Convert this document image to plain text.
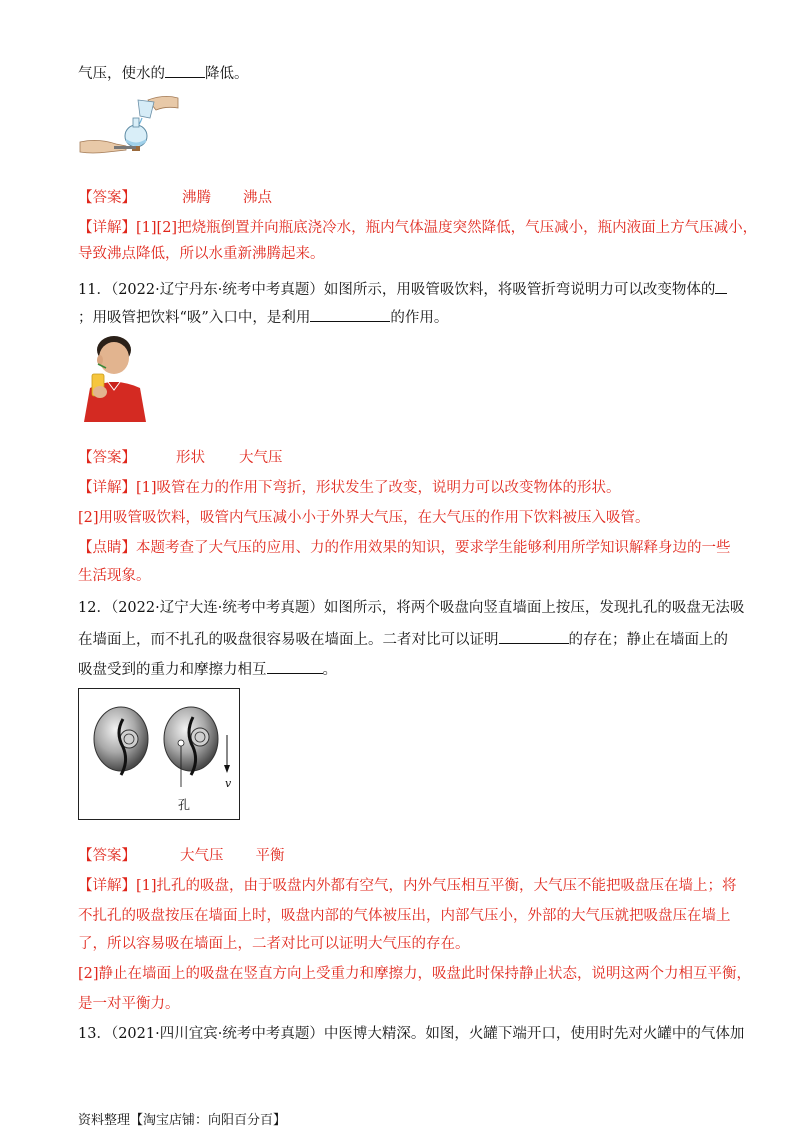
气压，使水的	降低。
【答案】	沸腾 沸点
【详解】[1][2]把烧瓶倒置并向瓶底浇冷水，瓶内气体温度突然降低，气压减小，瓶内液面上方气压减小，
导致沸点降低，所以水重新沸腾起来。
11．（2022·辽宁丹东·统考中考真题）如图所示，用吸管吸饮料，将吸管折弯说明力可以改变物体的
；用吸管把饮料“吸”入口中，是利用	的作用。
【答案】	形状 大气压
【详解】[1]吸管在力的作用下弯折，形状发生了改变，说明力可以改变物体的形状。
[2]用吸管吸饮料，吸管内气压减小小于外界大气压，在大气压的作用下饮料被压入吸管。
【点睛】本题考查了大气压的应用、力的作用效果的知识，要求学生能够利用所学知识解释身边的一些
生活现象。
12．（2022·辽宁大连·统考中考真题）如图所示，将两个吸盘向竖直墙面上按压，发现扎孔的吸盘无法吸
在墙面上，而不扎孔的吸盘很容易吸在墙面上。二者对比可以证明	的存在；静止在墙面上的
吸盘受到的重力和摩擦力相互	。
孔
v
【答案】	大气压 平衡
【详解】[1]扎孔的吸盘，由于吸盘内外都有空气，内外气压相互平衡，大气压不能把吸盘压在墙上；将
不扎孔的吸盘按压在墙面上时，吸盘内部的气体被压出，内部气压小，外部的大气压就把吸盘压在墙上
了，所以容易吸在墙面上，二者对比可以证明大气压的存在。
[2]静止在墙面上的吸盘在竖直方向上受重力和摩擦力，吸盘此时保持静止状态，说明这两个力相互平衡，
是一对平衡力。
13．（2021·四川宜宾·统考中考真题）中医博大精深。如图，火罐下端开口，使用时先对火罐中的气体加
资料整理【淘宝店铺：向阳百分百】
